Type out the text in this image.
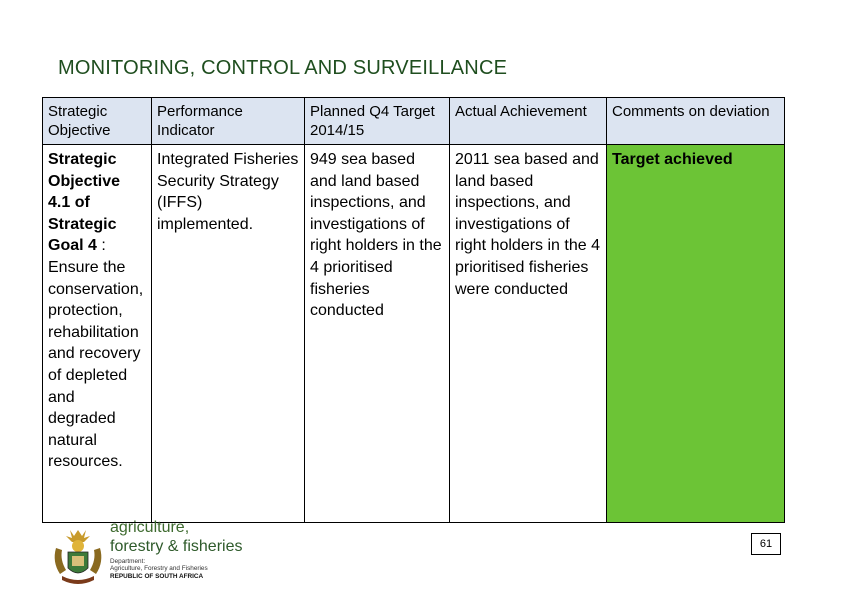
MONITORING, CONTROL AND SURVEILLANCE
Strategic Objective	Performance Indicator	Planned Q4 Target 2014/15	Actual Achievement	Comments on deviation
Strategic Objective 4.1 of Strategic Goal 4 : Ensure the conservation, protection, rehabilitation and recovery of depleted and degraded natural resources.	Integrated Fisheries Security Strategy (IFFS) implemented.	949 sea based and land based inspections, and investigations of right holders in the 4 prioritised fisheries conducted	2011 sea based and land based inspections, and investigations of right holders in the 4 prioritised fisheries were conducted	Target achieved
agriculture,
forestry & fisheries
Department:
Agriculture, Forestry and Fisheries
REPUBLIC OF SOUTH AFRICA
61
